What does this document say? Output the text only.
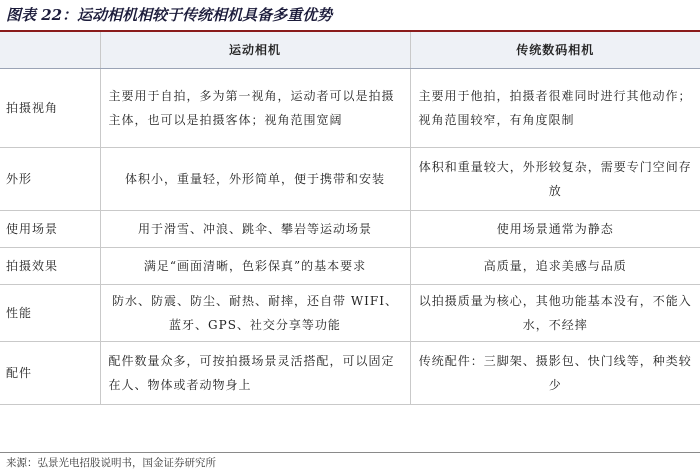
图表 22：运动相机相较于传统相机具备多重优势
	运动相机	传统数码相机
拍摄视角	主要用于自拍，多为第一视角，运动者可以是拍摄主体，也可以是拍摄客体；视角范围宽阔	主要用于他拍，拍摄者很难同时进行其他动作；视角范围较窄，有角度限制
外形	体积小，重量轻，外形简单，便于携带和安装	体积和重量较大，外形较复杂，需要专门空间存放
使用场景	用于滑雪、冲浪、跳伞、攀岩等运动场景	使用场景通常为静态
拍摄效果	满足“画面清晰，色彩保真”的基本要求	高质量，追求美感与品质
性能	防水、防震、防尘、耐热、耐摔，还自带 WIFI、蓝牙、GPS、社交分享等功能	以拍摄质量为核心，其他功能基本没有，不能入水，不经摔
配件	配件数量众多，可按拍摄场景灵活搭配，可以固定在人、物体或者动物身上	传统配件：三脚架、摄影包、快门线等，种类较少
来源：弘景光电招股说明书，国金证券研究所
